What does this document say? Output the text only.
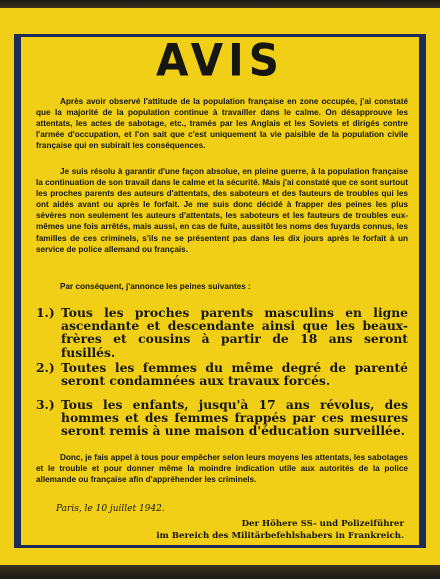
AVIS

Après avoir observé l'attitude de la population française en zone occupée, j'ai constaté que la majorité de la population continue à travailler dans le calme. On désapprouve les attentats, les actes de sabotage, etc., tramés par les Anglais et les Soviets et dirigés contre l'armée d'occupation, et l'on sait que c'est uniquement la vie paisible de la population civile française qui en subirait les conséquences.

Je suis résolu à garantir d'une façon absolue, en pleine guerre, à la population française la continuation de son travail dans le calme et la sécurité. Mais j'ai constaté que ce sont surtout les proches parents des auteurs d'attentats, des saboteurs et des fauteurs de troubles qui les ont aidés avant ou après le forfait. Je me suis donc décidé à frapper des peines les plus sévères non seulement les auteurs d'attentats, les saboteurs et les fauteurs de troubles eux-mêmes une fois arrêtés, mais aussi, en cas de fuite, aussitôt les noms des fuyards connus, les familles de ces criminels, s'ils ne se présentent pas dans les dix jours après le forfait à un service de police allemand ou français.

Par conséquent, j'annonce les peines suivantes :

1.) Tous les proches parents masculins en ligne ascendante et descendante ainsi que les beaux-frères et cousins à partir de 18 ans seront fusillés.
2.) Toutes les femmes du même degré de parenté seront condamnées aux travaux forcés.
3.) Tous les enfants, jusqu'à 17 ans révolus, des hommes et des femmes frappés par ces mesures seront remis à une maison d'éducation surveillée.

Donc, je fais appel à tous pour empêcher selon leurs moyens les attentats, les sabotages et le trouble et pour donner même la moindre indication utile aux autorités de la police allemande ou française afin d'appréhender les criminels.

Paris, le 10 juillet 1942.
Der Höhere SS- und Polizeiführer
im Bereich des Militärbefehlshabers in Frankreich.
